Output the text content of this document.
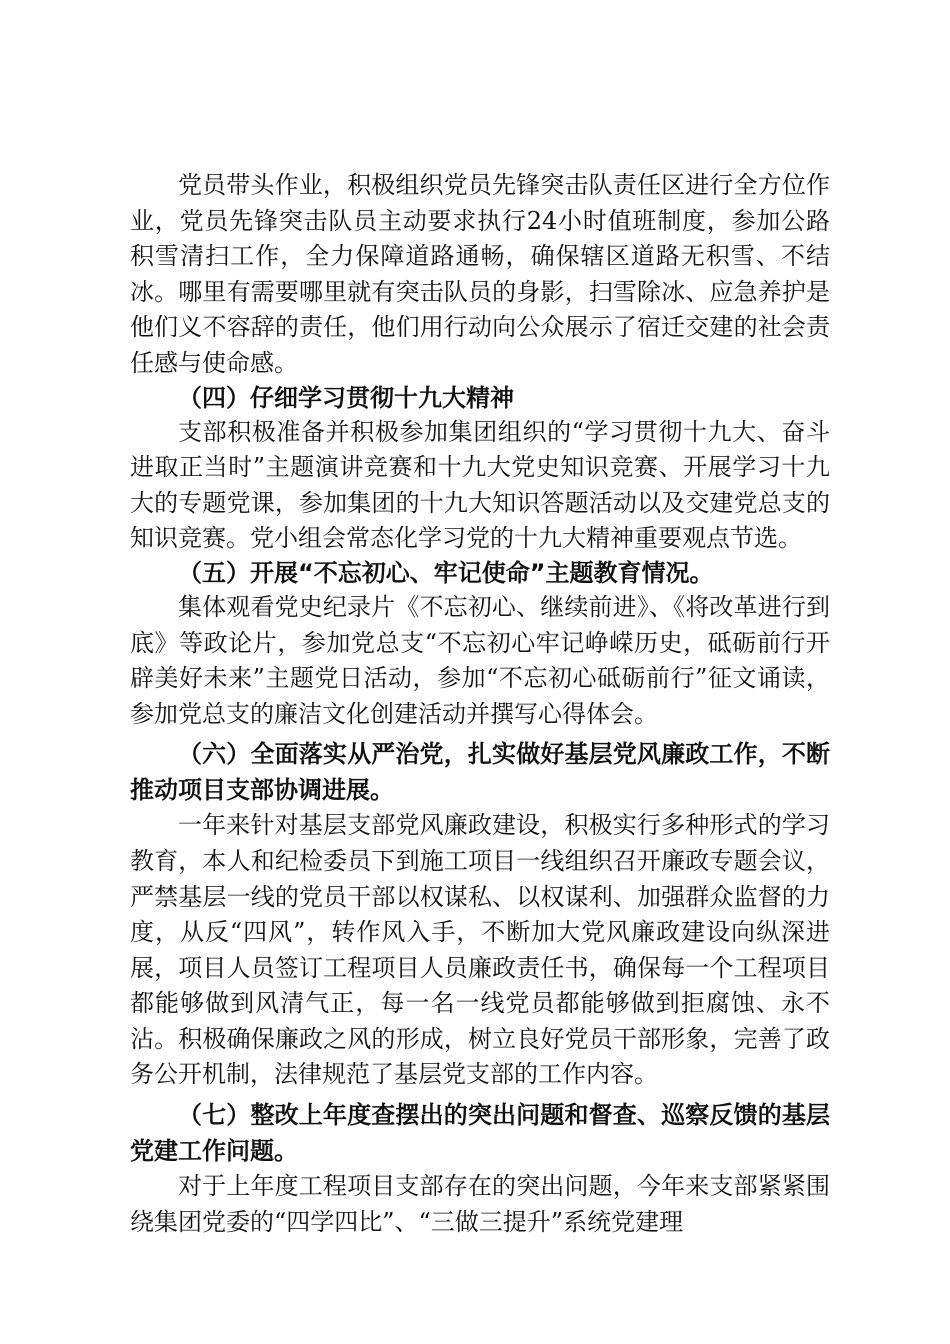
党员带头作业，积极组织党员先锋突击队责任区进行全方位作业，党员先锋突击队员主动要求执行24小时值班制度，参加公路积雪清扫工作，全力保障道路通畅，确保辖区道路无积雪、不结冰。哪里有需要哪里就有突击队员的身影，扫雪除冰、应急养护是他们义不容辞的责任，他们用行动向公众展示了宿迁交建的社会责任感与使命感。

（四）仔细学习贯彻十九大精神

支部积极准备并积极参加集团组织的“学习贯彻十九大、奋斗进取正当时”主题演讲竞赛和十九大党史知识竞赛、开展学习十九大的专题党课，参加集团的十九大知识答题活动以及交建党总支的知识竞赛。党小组会常态化学习党的十九大精神重要观点节选。

（五）开展“不忘初心、牢记使命”主题教育情况。

集体观看党史纪录片《不忘初心、继续前进》、《将改革进行到底》等政论片，参加党总支“不忘初心牢记峥嵘历史，砥砺前行开辟美好未来”主题党日活动，参加“不忘初心砥砺前行”征文诵读，参加党总支的廉洁文化创建活动并撰写心得体会。

（六）全面落实从严治党，扎实做好基层党风廉政工作，不断推动项目支部协调进展。

一年来针对基层支部党风廉政建设，积极实行多种形式的学习教育，本人和纪检委员下到施工项目一线组织召开廉政专题会议，严禁基层一线的党员干部以权谋私、以权谋利、加强群众监督的力度，从反“四风”，转作风入手，不断加大党风廉政建设向纵深进展，项目人员签订工程项目人员廉政责任书，确保每一个工程项目都能够做到风清气正，每一名一线党员都能够做到拒腐蚀、永不沾。积极确保廉政之风的形成，树立良好党员干部形象，完善了政务公开机制，法律规范了基层党支部的工作内容。

（七）整改上年度查摆出的突出问题和督查、巡察反馈的基层党建工作问题。

对于上年度工程项目支部存在的突出问题，今年来支部紧紧围绕集团党委的“四学四比”、“三做三提升”系统党建理
